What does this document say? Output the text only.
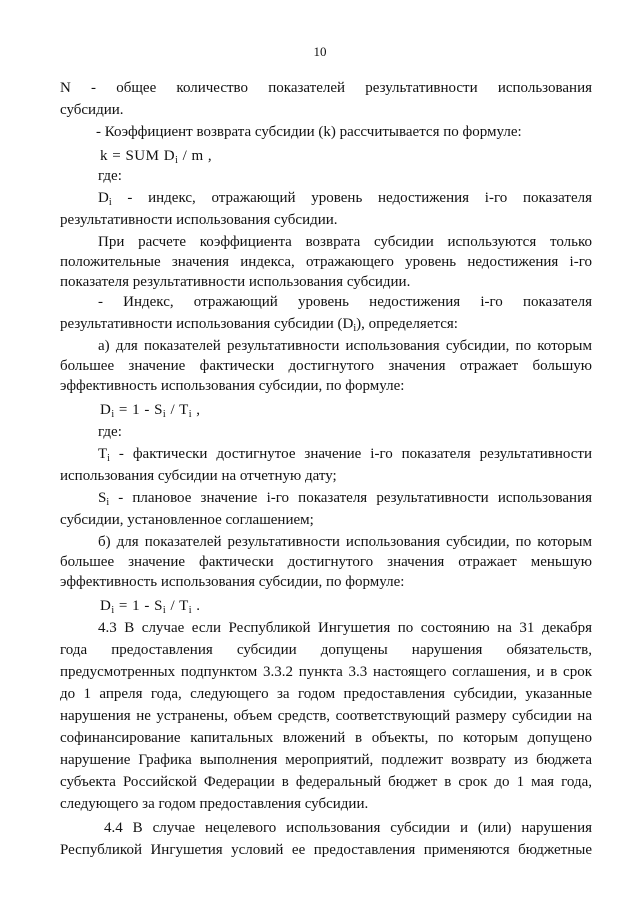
10
N - общее количество показателей результативности использования
субсидии.
- Коэффициент возврата субсидии (k) рассчитывается по формуле:
k = SUM $D_i$ / m ,
где:
$D_i$ - индекс, отражающий уровень недостижения i-го показателя
результативности использования субсидии.
При расчете коэффициента возврата субсидии используются только
положительные значения индекса, отражающего уровень недостижения i-го
показателя результативности использования субсидии.
- Индекс, отражающий уровень недостижения i-го показателя
результативности использования субсидии $(D_i)$, определяется:
а) для показателей результативности использования субсидии, по которым
большее значение фактически достигнутого значения отражает большую
эффективность использования субсидии, по формуле:
$D_i = 1 - S_i / T_i$ ,
где:
$T_i$ - фактически достигнутое значение i-го показателя результативности
использования субсидии на отчетную дату;
$S_i$ - плановое значение i-го показателя результативности использования
субсидии, установленное соглашением;
б) для показателей результативности использования субсидии, по которым
большее значение фактически достигнутого значения отражает меньшую
эффективность использования субсидии, по формуле:
$D_i = 1 - S_i / T_i$ .
4.3 В случае если Республикой Ингушетия по состоянию на 31 декабря
года предоставления субсидии допущены нарушения обязательств,
предусмотренных подпунктом 3.3.2 пункта 3.3 настоящего соглашения, и в срок
до 1 апреля года, следующего за годом предоставления субсидии, указанные
нарушения не устранены, объем средств, соответствующий размеру субсидии на
софинансирование капитальных вложений в объекты, по которым допущено
нарушение Графика выполнения мероприятий, подлежит возврату из бюджета
субъекта Российской Федерации в федеральный бюджет в срок до 1 мая года,
следующего за годом предоставления субсидии.
4.4 В случае нецелевого использования субсидии и (или) нарушения
Республикой Ингушетия условий ее предоставления применяются бюджетные
